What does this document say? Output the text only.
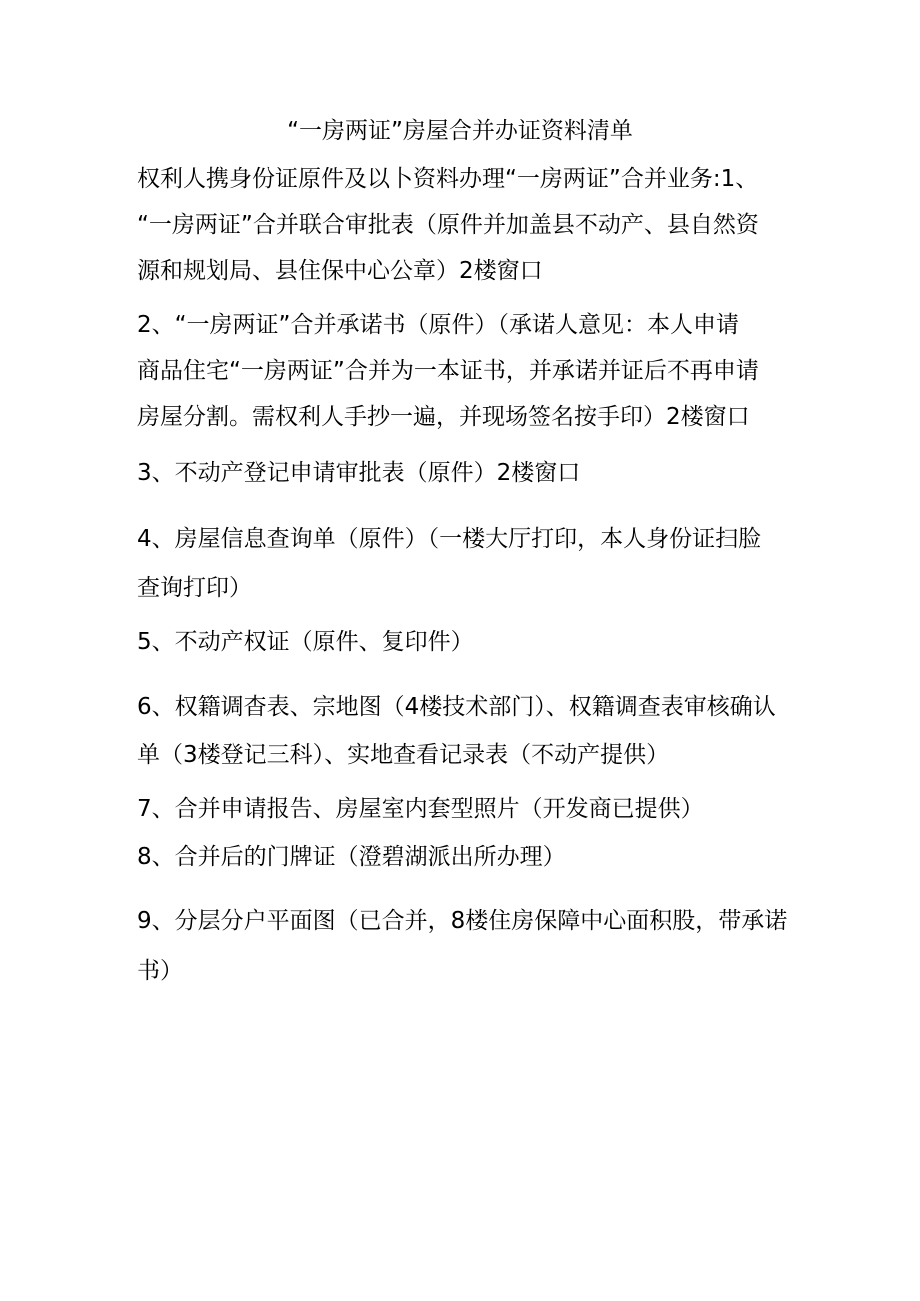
“一房两证”房屋合并办证资料清单
权利人携身份证原件及以卜资料办理“一房两证”合并业务:1、
“一房两证”合并联合审批表（原件并加盖县不动产、县自然资
源和规划局、县住保中心公章）2楼窗口
2、“一房两证”合并承诺书（原件）（承诺人意见：本人申请
商品住宅“一房两证”合并为一本证书，并承诺并证后不再申请
房屋分割。需权利人手抄一遍，并现场签名按手印）2楼窗口
3、不动产登记申请审批表（原件）2楼窗口
4、房屋信息查询单（原件）（一楼大厅打印，本人身份证扫脸
查询打印）
5、不动产权证（原件、复印件）
6、权籍调杳表、宗地图（4楼技术部门）、权籍调查表审核确认
单（3楼登记三科）、实地查看记录表（不动产提供）
7、合并申请报告、房屋室内套型照片（开发商已提供）
8、合并后的门牌证（澄碧湖派出所办理）
9、分层分户平面图（已合并，8楼住房保障中心面积股，带承诺
书）
